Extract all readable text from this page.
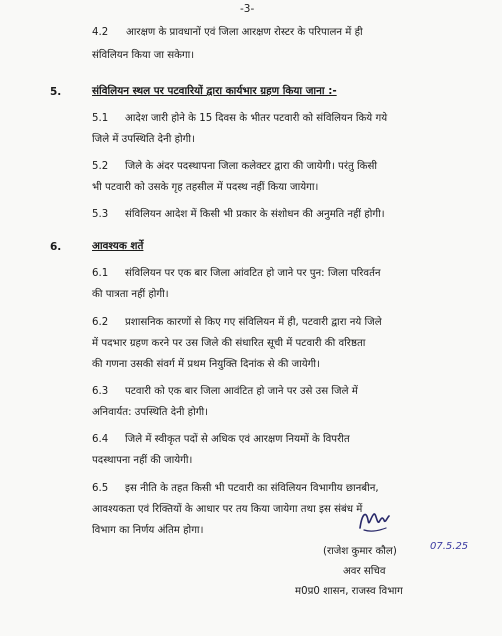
-3-
4.2 आरक्षण के प्रावधानों एवं जिला आरक्षण रोस्टर के परिपालन में ही
संविलियन किया जा सकेगा।
5.	संविलियन स्थल पर पटवारियों द्वारा कार्यभार ग्रहण किया जाना :-
5.1 आदेश जारी होने के 15 दिवस के भीतर पटवारी को संविलियन किये गये
जिले में उपस्थिति देनी होगी।
5.2 जिले के अंदर पदस्थापना जिला कलेक्टर द्वारा की जायेगी। परंतु किसी
भी पटवारी को उसके गृह तहसील में पदस्थ नहीं किया जायेगा।
5.3 संविलियन आदेश में किसी भी प्रकार के संशोधन की अनुमति नहीं होगी।
6.	आवश्यक शर्ते
6.1 संविलियन पर एक बार जिला आंवटित हो जाने पर पुन: जिला परिवर्तन
की पात्रता नहीं होगी।
6.2 प्रशासनिक कारणों से किए गए संविलियन में ही, पटवारी द्वारा नये जिले
में पदभार ग्रहण करने पर उस जिले की संधारित सूची में पटवारी की वरिष्ठता
की गणना उसकी संवर्ग में प्रथम नियुक्ति दिनांक से की जायेगी।
6.3 पटवारी को एक बार जिला आवंटित हो जाने पर उसे उस जिले में
अनिवार्यत: उपस्थिति देनी होगी।
6.4 जिले में स्वीकृत पदों से अधिक एवं आरक्षण नियमों के विपरीत
पदस्थापना नहीं की जायेगी।
6.5 इस नीति के तहत किसी भी पटवारी का संविलियन विभागीय छानबीन,
आवश्यकता एवं रिक्तियों के आधार पर तय किया जायेगा तथा इस संबंध में
विभाग का निर्णय अंतिम होगा।
(राजेश कुमार कौल)	07.5.25
अवर सचिव
म0प्र0 शासन, राजस्व विभाग
